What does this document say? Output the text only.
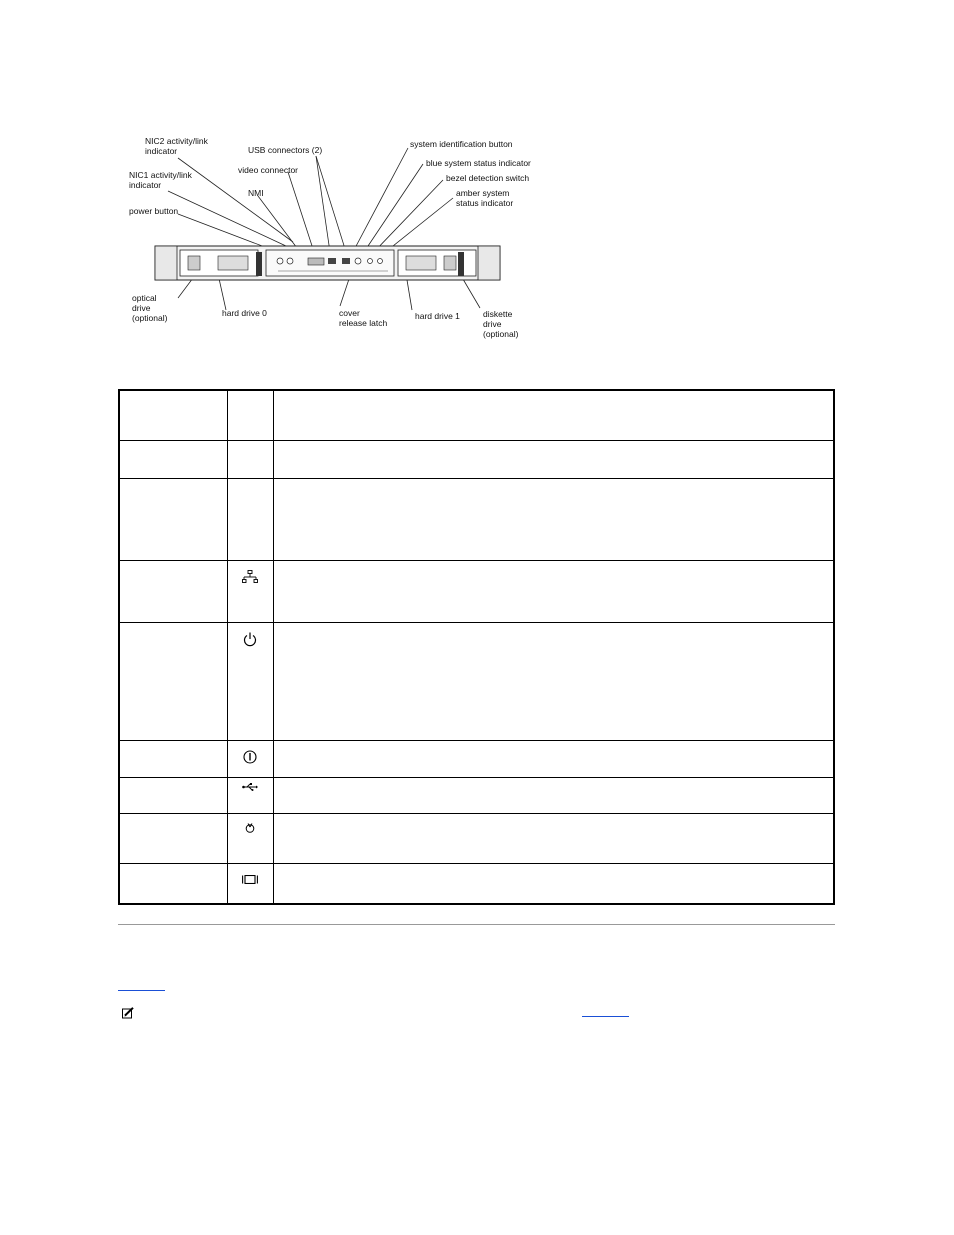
NIC2 activity/link
indicator
NIC1 activity/link
indicator
power button
USB connectors (2)
video connector
NMI
system identification button
blue system status indicator
bezel detection switch
amber system
status indicator
optical
drive
(optional)	hard drive 0	cover
release latch
hard drive 1	diskette
drive
(optional)
